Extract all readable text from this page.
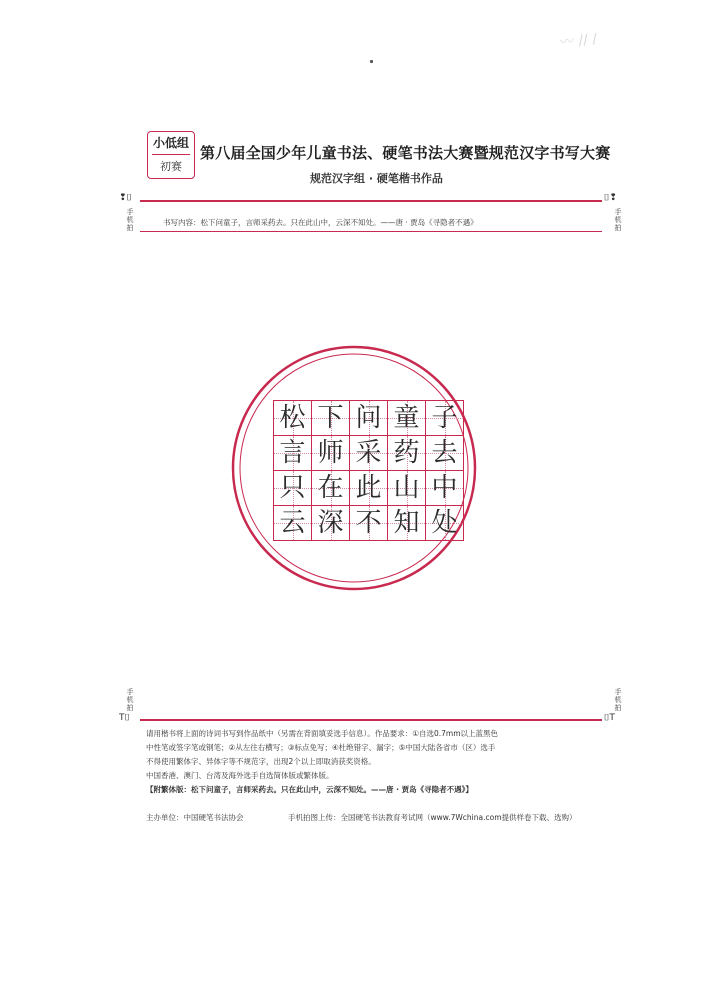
〰 ∕∕ ∕
小低组
初赛
第八届全国少年儿童书法、硬笔书法大赛暨规范汉字书写大赛
规范汉字组 · 硬笔楷书作品
❢⌷
手机拍
⌷❢
手机拍
书写内容：松下问童子，言师采药去。只在此山中，云深不知处。——唐 · 贾岛《寻隐者不遇》
松	下	问	童	子

言	师	采	药	去

只	在	此	山	中

云	深	不	知	处
手机拍
T⌷
手机拍
⌷T
请用楷书将上面的诗词书写到作品纸中（另需在背面填妥选手信息）。作品要求：①自选0.7mm以上蓝黑色
中性笔或签字笔或钢笔；②从左往右横写；③标点免写；④杜绝错字、漏字；⑤中国大陆各省市（区）选手
不得使用繁体字、异体字等不规范字，出现2个以上即取消获奖资格。
中国香港、澳门、台湾及海外选手自选简体版或繁体版。
【附繁体版：松下问童子，言师采药去。只在此山中，云深不知处。——唐 · 贾岛《寻隐者不遇》】
主办单位：中国硬笔书法协会	手机拍图上传：全国硬笔书法教育考试网（www.7Wchina.com提供样卷下载、选购）
